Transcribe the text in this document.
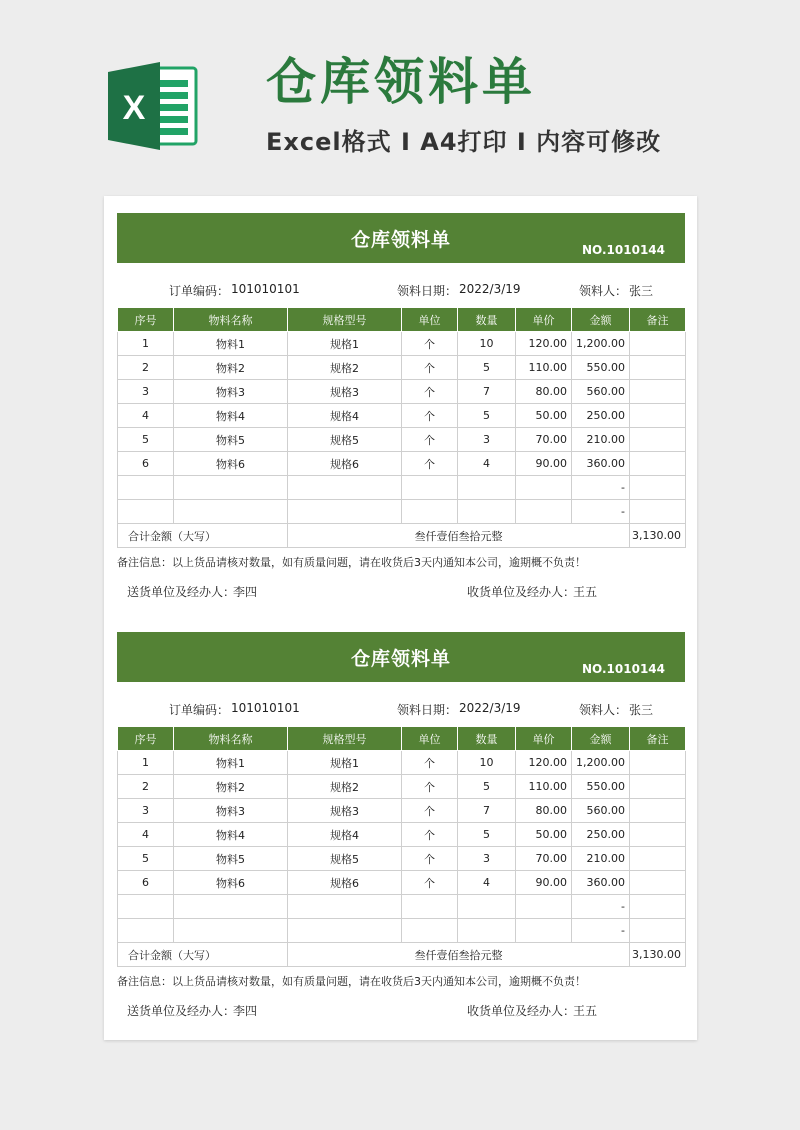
X 仓库领料单
Excel格式 Ⅰ A4打印 Ⅰ 内容可修改
仓库领料单	NO.1010144
订单编码： 101010101	领料日期： 2022/3/19	领料人： 张三
序号	物料名称	规格型号	单位	数量	单价	金额	备注
1	物料1	规格1	个	10	120.00	1,200.00	
2	物料2	规格2	个	5	110.00	550.00	
3	物料3	规格3	个	7	80.00	560.00	
4	物料4	规格4	个	5	50.00	250.00	
5	物料5	规格5	个	3	70.00	210.00	
6	物料6	规格6	个	4	90.00	360.00	
						-	
						-	
合计金额（大写）		叁仟壹佰叁拾元整					3,130.00
备注信息：以上货品请核对数量，如有质量问题，请在收货后3天内通知本公司，逾期概不负责！
送货单位及经办人：
李四	收货单位及经办人：
王五
仓库领料单	NO.1010144
订单编码： 101010101	领料日期： 2022/3/19	领料人： 张三
序号	物料名称	规格型号	单位	数量	单价	金额	备注
1	物料1	规格1	个	10	120.00	1,200.00	
2	物料2	规格2	个	5	110.00	550.00	
3	物料3	规格3	个	7	80.00	560.00	
4	物料4	规格4	个	5	50.00	250.00	
5	物料5	规格5	个	3	70.00	210.00	
6	物料6	规格6	个	4	90.00	360.00	
						-	
						-	
合计金额（大写）		叁仟壹佰叁拾元整					3,130.00
备注信息：以上货品请核对数量，如有质量问题，请在收货后3天内通知本公司，逾期概不负责！
送货单位及经办人：
李四	收货单位及经办人：
王五
